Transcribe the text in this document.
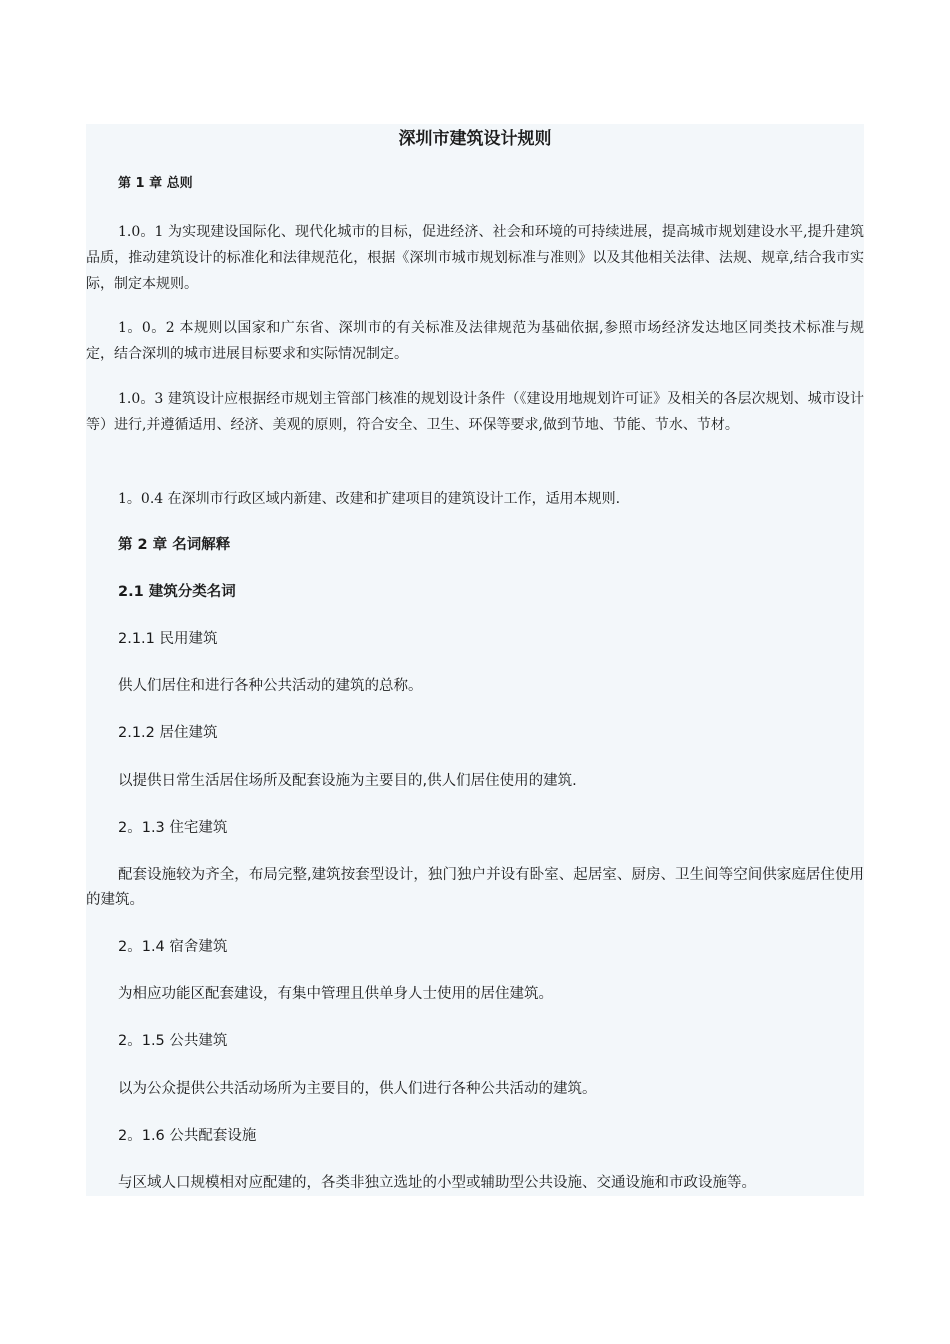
深圳市建筑设计规则

第 1 章 总则

1.0。1 为实现建设国际化、现代化城市的目标，促进经济、社会和环境的可持续进展，提高城市规划建设水平,提升建筑品质，推动建筑设计的标准化和法律规范化，根据《深圳市城市规划标准与准则》以及其他相关法律、法规、规章,结合我市实际，制定本规则。

1。0。2 本规则以国家和广东省、深圳市的有关标准及法律规范为基础依据,参照市场经济发达地区同类技术标准与规定，结合深圳的城市进展目标要求和实际情况制定。

1.0。3 建筑设计应根据经市规划主管部门核准的规划设计条件（《建设用地规划许可证》及相关的各层次规划、城市设计等）进行,并遵循适用、经济、美观的原则，符合安全、卫生、环保等要求,做到节地、节能、节水、节材。

1。0.4 在深圳市行政区域内新建、改建和扩建项目的建筑设计工作，适用本规则.

第 2 章 名词解释

2.1 建筑分类名词

2.1.1 民用建筑

供人们居住和进行各种公共活动的建筑的总称。

2.1.2 居住建筑

以提供日常生活居住场所及配套设施为主要目的,供人们居住使用的建筑.

2。1.3 住宅建筑

配套设施较为齐全，布局完整,建筑按套型设计，独门独户并设有卧室、起居室、厨房、卫生间等空间供家庭居住使用的建筑。

2。1.4 宿舍建筑

为相应功能区配套建设，有集中管理且供单身人士使用的居住建筑。

2。1.5 公共建筑

以为公众提供公共活动场所为主要目的，供人们进行各种公共活动的建筑。

2。1.6 公共配套设施

与区域人口规模相对应配建的，各类非独立选址的小型或辅助型公共设施、交通设施和市政设施等。
